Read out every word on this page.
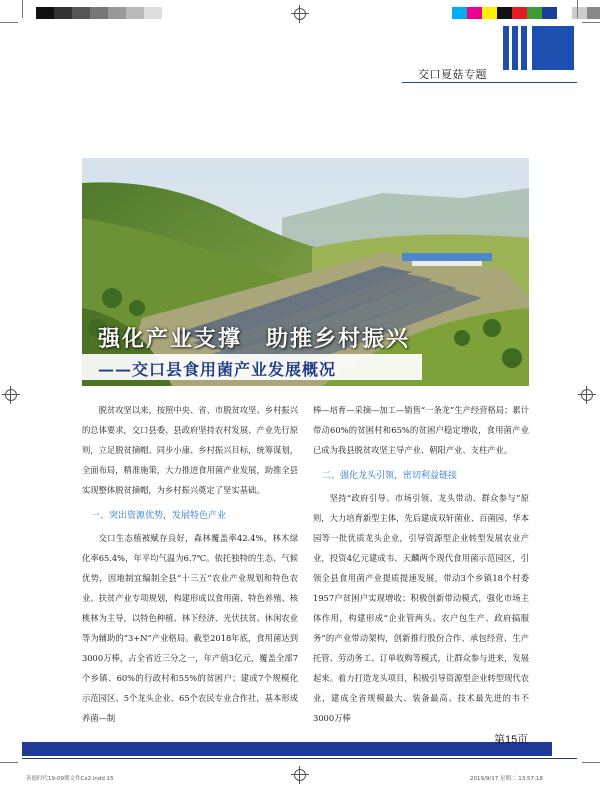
交口夏菇专题
强化产业支撑　助推乡村振兴
——交口县食用菌产业发展概况

脱贫攻坚以来，按照中央、省、市脱贫攻坚、乡村振兴的总体要求，交口县委、县政府坚持农村发展、产业先行原则，立足脱贫摘帽、同步小康、乡村振兴目标，统筹谋划，全面布局，精准施策，大力推进食用菌产业发展，助推全县实现整体脱贫摘帽，为乡村振兴奠定了坚实基础。

一、突出资源优势，发展特色产业

交口生态植被赋存良好，森林覆盖率42.4%，林木绿化率65.4%，年平均气温为6.7℃。依托独特的生态、气候优势，因地制宜编制全县“十三五”农业产业规划和特色农业、扶贫产业专项规划，构建形成以食用菌、特色养殖、核桃林为主导，以特色种植、林下经济、光伏扶贫、休闲农业等为辅助的“3+N”产业格局。截至2018年底，食用菌达到3000万棒，占全省近三分之一，年产值3亿元，覆盖全部7个乡镇、60%的行政村和55%的贫困户；建成7个规模化示范园区、5个龙头企业、65个农民专业合作社，基本形成养菌—制

棒—培育—采摘—加工—销售“一条龙”生产经营格局；累计带动60%的贫困村和65%的贫困户稳定增收，食用菌产业已成为我县脱贫攻坚主导产业、朝阳产业、支柱产业。

二、强化龙头引领，密切利益链接

坚持“政府引导、市场引领、龙头带动、群众参与”原则，大力培育新型主体，先后建成双轩菌业、百菌园、华本园等一批优质龙头企业，引导资源型企业转型发展农业产业，投资4亿元建成韦、天麟两个现代食用菌示范园区，引领全县食用菌产业提质提速发展，带动3个乡镇18个村委1957户贫困户实现增收；积极创新带动模式，强化市场主体作用，构建形成“企业管两头、农户包生产、政府搞服务”的产业带动架构，创新推行股份合作、承包经营、生产托管、劳动务工、订单收购等模式，让群众参与进来，发展起来。着力打造龙头项目，积极引导资源型企业转型现代农业，建成全省规模最大、装备最高、技术最先进的韦不3000万棒

第15页
善德时代19-09期文件Cx2.indd 15	2019/9/17 星期二 13:57:18
